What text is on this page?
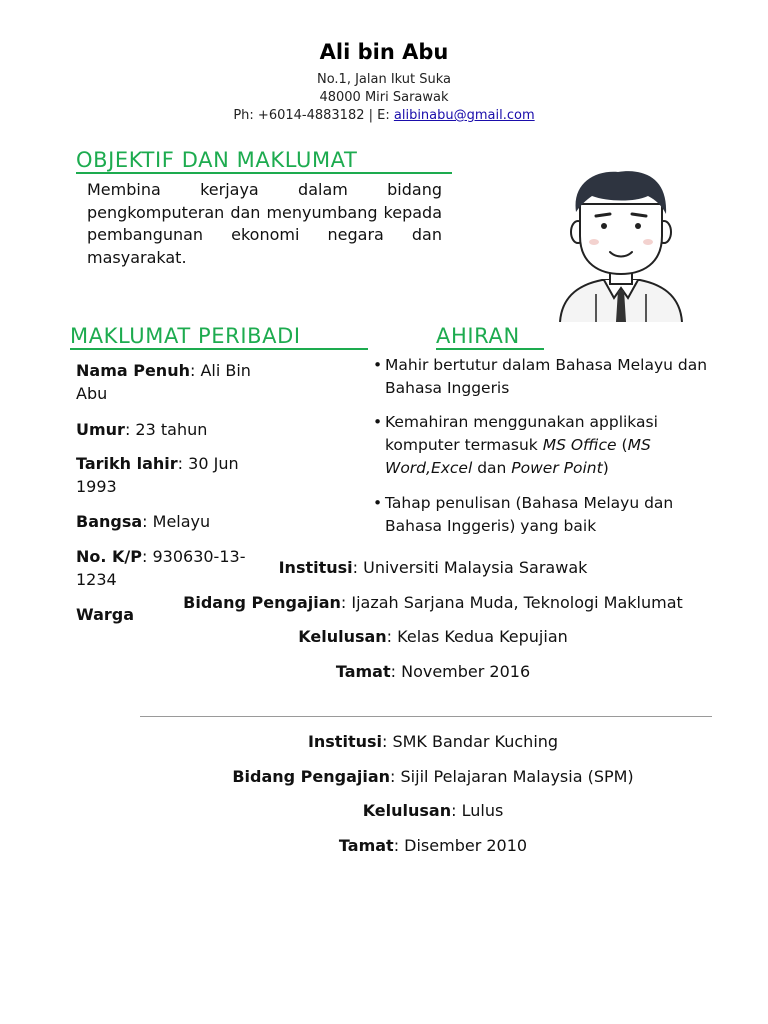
Ali bin Abu
No.1, Jalan Ikut Suka
48000 Miri Sarawak
Ph: +6014-4883182 | E: alibinabu@gmail.com
OBJEKTIF DAN MAKLUMAT
Membina kerjaya dalam bidang pengkomputeran dan menyumbang kepada pembangunan ekonomi negara dan masyarakat.
MAKLUMAT PERIBADI
Nama Penuh: Ali Bin Abu
Umur: 23 tahun
Tarikh lahir: 30 Jun 1993
Bangsa: Melayu
No. K/P: 930630-13-1234
Warga
AHIRAN
• Mahir bertutur dalam Bahasa Melayu dan Bahasa Inggeris
• Kemahiran menggunakan applikasi komputer termasuk MS Office (MS Word,Excel dan Power Point)
• Tahap penulisan (Bahasa Melayu dan Bahasa Inggeris) yang baik
Institusi: Universiti Malaysia Sarawak
Bidang Pengajian: Ijazah Sarjana Muda, Teknologi Maklumat
Kelulusan: Kelas Kedua Kepujian
Tamat: November 2016
Institusi: SMK Bandar Kuching
Bidang Pengajian: Sijil Pelajaran Malaysia (SPM)
Kelulusan: Lulus
Tamat: Disember 2010
